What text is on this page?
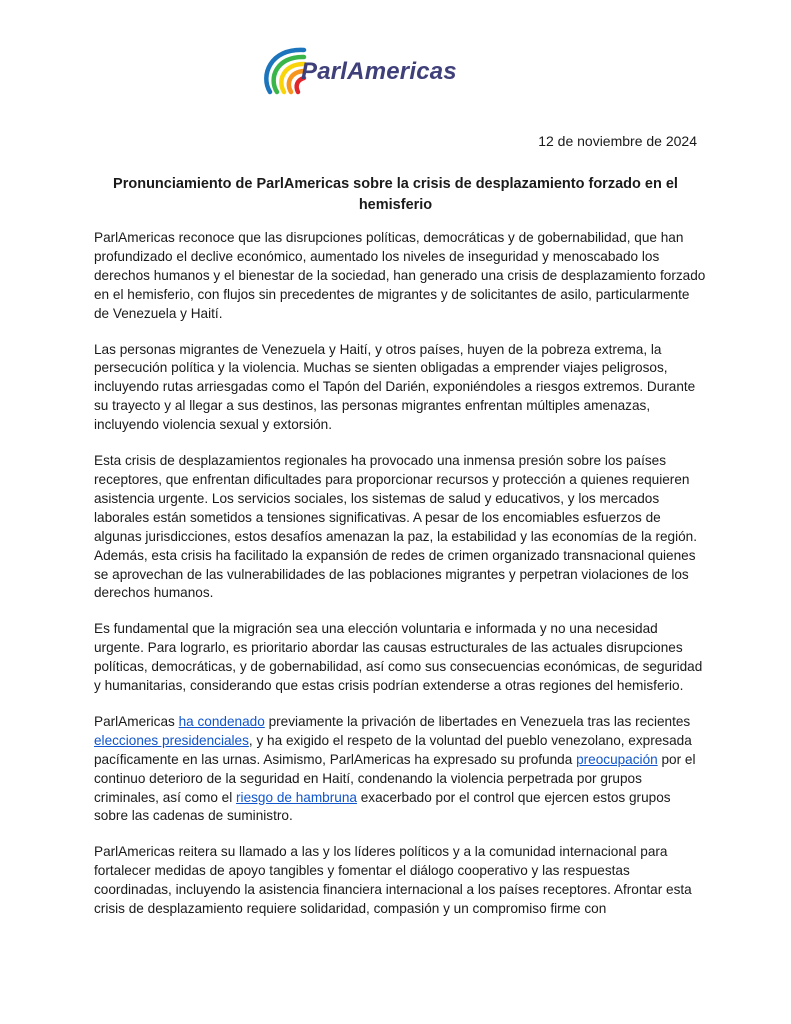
ParlAmericas
12 de noviembre de 2024
Pronunciamiento de ParlAmericas sobre la crisis de desplazamiento forzado en el hemisferio

ParlAmericas reconoce que las disrupciones políticas, democráticas y de gobernabilidad, que han profundizado el declive económico, aumentado los niveles de inseguridad y menoscabado los derechos humanos y el bienestar de la sociedad, han generado una crisis de desplazamiento forzado en el hemisferio, con flujos sin precedentes de migrantes y de solicitantes de asilo, particularmente de Venezuela y Haití.

Las personas migrantes de Venezuela y Haití, y otros países, huyen de la pobreza extrema, la persecución política y la violencia. Muchas se sienten obligadas a emprender viajes peligrosos, incluyendo rutas arriesgadas como el Tapón del Darién, exponiéndoles a riesgos extremos. Durante su trayecto y al llegar a sus destinos, las personas migrantes enfrentan múltiples amenazas, incluyendo violencia sexual y extorsión.

Esta crisis de desplazamientos regionales ha provocado una inmensa presión sobre los países receptores, que enfrentan dificultades para proporcionar recursos y protección a quienes requieren asistencia urgente. Los servicios sociales, los sistemas de salud y educativos, y los mercados laborales están sometidos a tensiones significativas. A pesar de los encomiables esfuerzos de algunas jurisdicciones, estos desafíos amenazan la paz, la estabilidad y las economías de la región. Además, esta crisis ha facilitado la expansión de redes de crimen organizado transnacional quienes se aprovechan de las vulnerabilidades de las poblaciones migrantes y perpetran violaciones de los derechos humanos.

Es fundamental que la migración sea una elección voluntaria e informada y no una necesidad urgente. Para lograrlo, es prioritario abordar las causas estructurales de las actuales disrupciones políticas, democráticas, y de gobernabilidad, así como sus consecuencias económicas, de seguridad y humanitarias, considerando que estas crisis podrían extenderse a otras regiones del hemisferio.

ParlAmericas ha condenado previamente la privación de libertades en Venezuela tras las recientes elecciones presidenciales, y ha exigido el respeto de la voluntad del pueblo venezolano, expresada pacíficamente en las urnas. Asimismo, ParlAmericas ha expresado su profunda preocupación por el continuo deterioro de la seguridad en Haití, condenando la violencia perpetrada por grupos criminales, así como el riesgo de hambruna exacerbado por el control que ejercen estos grupos sobre las cadenas de suministro.

ParlAmericas reitera su llamado a las y los líderes políticos y a la comunidad internacional para fortalecer medidas de apoyo tangibles y fomentar el diálogo cooperativo y las respuestas coordinadas, incluyendo la asistencia financiera internacional a los países receptores. Afrontar esta crisis de desplazamiento requiere solidaridad, compasión y un compromiso firme con
